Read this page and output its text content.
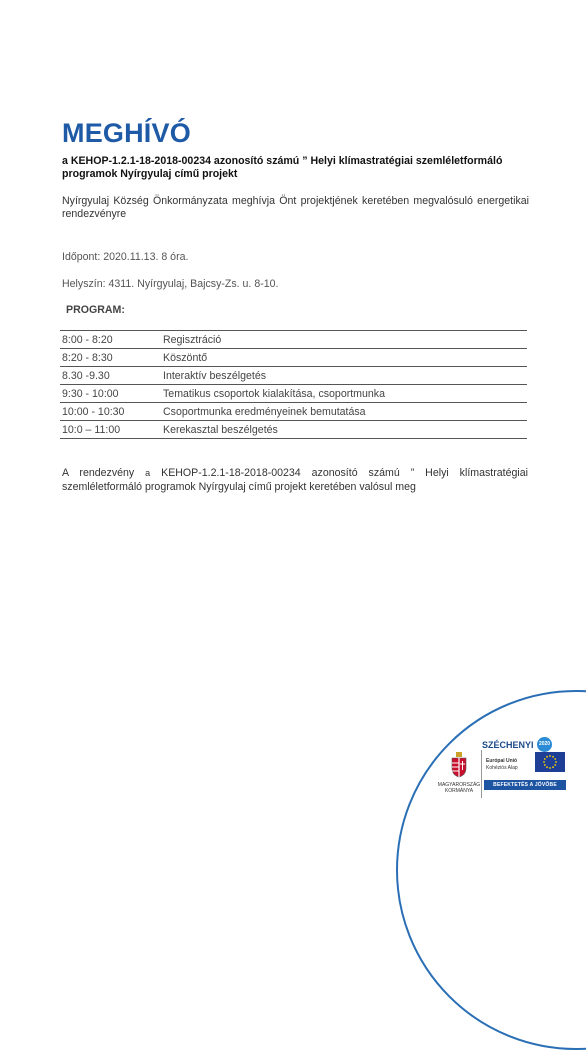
MEGHÍVÓ
a KEHOP-1.2.1-18-2018-00234 azonosító számú ” Helyi klímastratégiai szemléletformáló programok Nyírgyulaj című projekt
Nyírgyulaj Község Önkormányzata meghívja Önt projektjének keretében megvalósuló energetikai rendezvényre
Időpont: 2020.11.13. 8 óra.
Helyszín: 4311. Nyírgyulaj, Bajcsy-Zs. u. 8-10.
PROGRAM:
8:00 - 8:20	Regisztráció
8:20 - 8:30	Köszöntő
8.30 -9.30	Interaktív beszélgetés
9:30 - 10:00	Tematikus csoportok kialakítása, csoportmunka
10:00 - 10:30	Csoportmunka eredményeinek bemutatása
10:0 – 11:00	Kerekasztal beszélgetés
A rendezvény a KEHOP-1.2.1-18-2018-00234 azonosító számú ” Helyi klímastratégiai szemléletformáló programok Nyírgyulaj című projekt keretében valósul meg
SZÉCHENYI	2020
MAGYARORSZÁG KORMÁNYA
Európai Unió
Kohéziós Alap
BEFEKTETÉS A JÖVŐBE
